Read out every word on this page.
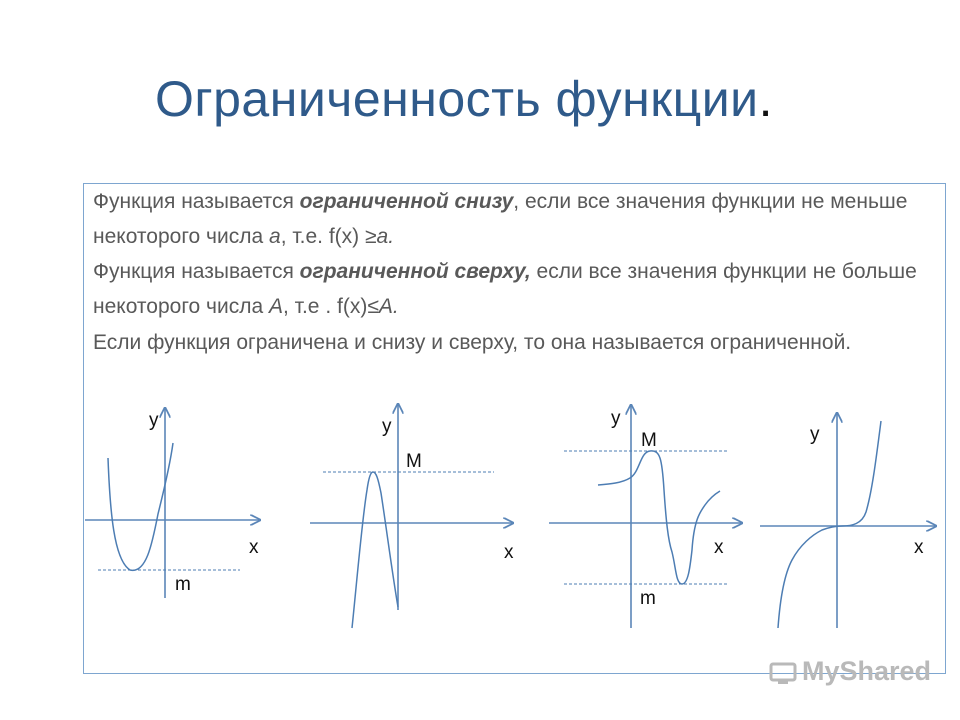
Ограниченность функции.
Функция называется ограниченной снизу, если все значения функции не меньше некоторого числа a, т.е. f(x) ≥a.
Функция называется ограниченной сверху, если все значения функции не больше некоторого числа А, т.е . f(x)≤А.
Если функция ограничена и снизу и сверху, то она называется ограниченной.
y
x
m
y
x
M
y
x
M
m
y
x
MyShared
